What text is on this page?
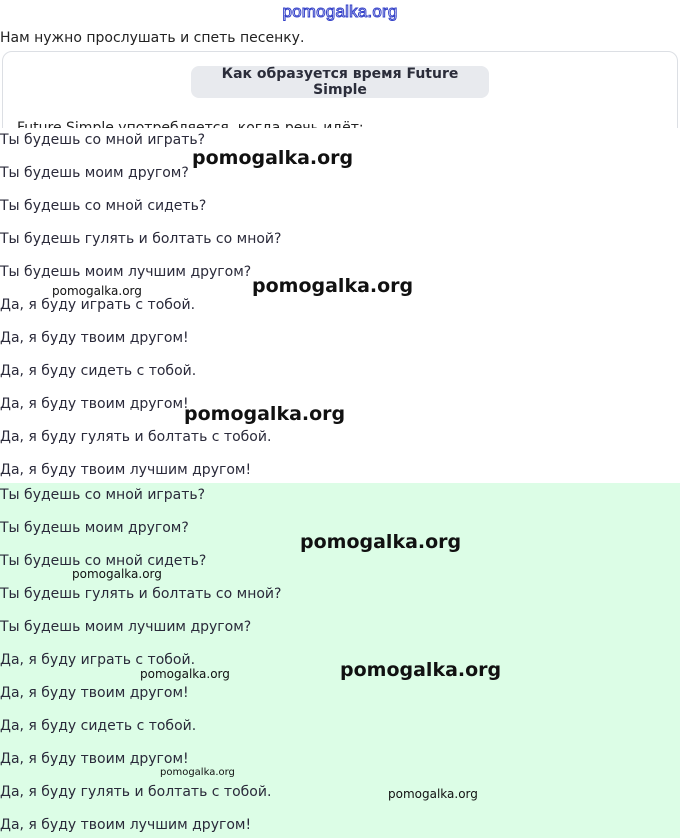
pomogalka.org
Нам нужно прослушать и спеть песенку.
Как образуется время Future Simple
Ты будешь со мной играть?
Ты будешь моим другом?
Ты будешь со мной сидеть?
Ты будешь гулять и болтать со мной?
Ты будешь моим лучшим другом?
Да, я буду играть с тобой.
Да, я буду твоим другом!
Да, я буду сидеть с тобой.
Да, я буду твоим другом!
Да, я буду гулять и болтать с тобой.
Да, я буду твоим лучшим другом!
Ты будешь со мной играть?
Ты будешь моим другом?
Ты будешь со мной сидеть?
Ты будешь гулять и болтать со мной?
Ты будешь моим лучшим другом?
Да, я буду играть с тобой.
Да, я буду твоим другом!
Да, я буду сидеть с тобой.
Да, я буду твоим другом!
Да, я буду гулять и болтать с тобой.
Да, я буду твоим лучшим другом!
pomogalka.org
pomogalka.org
pomogalka.org
pomogalka.org
pomogalka.org
pomogalka.org
pomogalka.org
pomogalka.org
pomogalka.org
pomogalka.org
